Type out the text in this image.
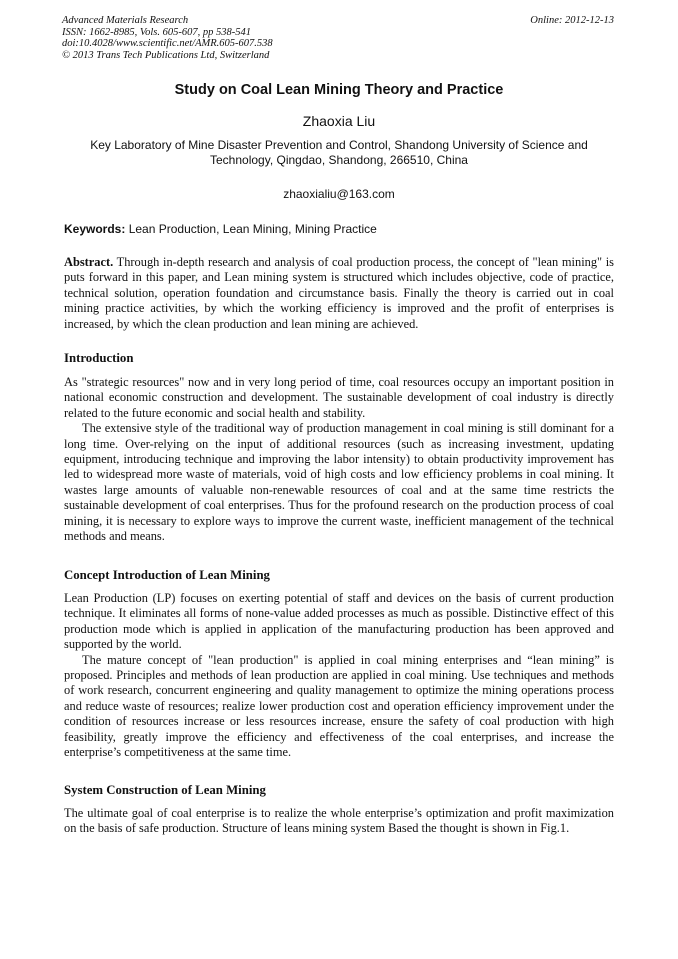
Advanced Materials Research
ISSN: 1662-8985, Vols. 605-607, pp 538-541
doi:10.4028/www.scientific.net/AMR.605-607.538
© 2013 Trans Tech Publications Ltd, Switzerland
Online: 2012-12-13
Study on Coal Lean Mining Theory and Practice
Zhaoxia Liu
Key Laboratory of Mine Disaster Prevention and Control, Shandong University of Science and Technology, Qingdao, Shandong, 266510, China
zhaoxialiu@163.com
Keywords: Lean Production, Lean Mining, Mining Practice

Abstract. Through in-depth research and analysis of coal production process, the concept of "lean mining" is puts forward in this paper, and Lean mining system is structured which includes objective, code of practice, technical solution, operation foundation and circumstance basis. Finally the theory is carried out in coal mining practice activities, by which the working efficiency is improved and the profit of enterprises is increased, by which the clean production and lean mining are achieved.

Introduction

As "strategic resources" now and in very long period of time, coal resources occupy an important position in national economic construction and development. The sustainable development of coal industry is directly related to the future economic and social health and stability.

The extensive style of the traditional way of production management in coal mining is still dominant for a long time. Over-relying on the input of additional resources (such as increasing investment, updating equipment, introducing technique and improving the labor intensity) to obtain productivity improvement has led to widespread more waste of materials, void of high costs and low efficiency problems in coal mining. It wastes large amounts of valuable non-renewable resources of coal and at the same time restricts the sustainable development of coal enterprises. Thus for the profound research on the production process of coal mining, it is necessary to explore ways to improve the current waste, inefficient management of the technical methods and means.

Concept Introduction of Lean Mining

Lean Production (LP) focuses on exerting potential of staff and devices on the basis of current production technique. It eliminates all forms of none-value added processes as much as possible. Distinctive effect of this production mode which is applied in application of the manufacturing production has been approved and supported by the world.

The mature concept of "lean production" is applied in coal mining enterprises and “lean mining” is proposed. Principles and methods of lean production are applied in coal mining. Use techniques and methods of work research, concurrent engineering and quality management to optimize the mining operations process and reduce waste of resources; realize lower production cost and operation efficiency improvement under the condition of resources increase or less resources increase, ensure the safety of coal production with high feasibility, greatly improve the efficiency and effectiveness of the coal enterprises, and increase the enterprise’s competitiveness at the same time.

System Construction of Lean Mining

The ultimate goal of coal enterprise is to realize the whole enterprise’s optimization and profit maximization on the basis of safe production. Structure of leans mining system Based the thought is shown in Fig.1.
